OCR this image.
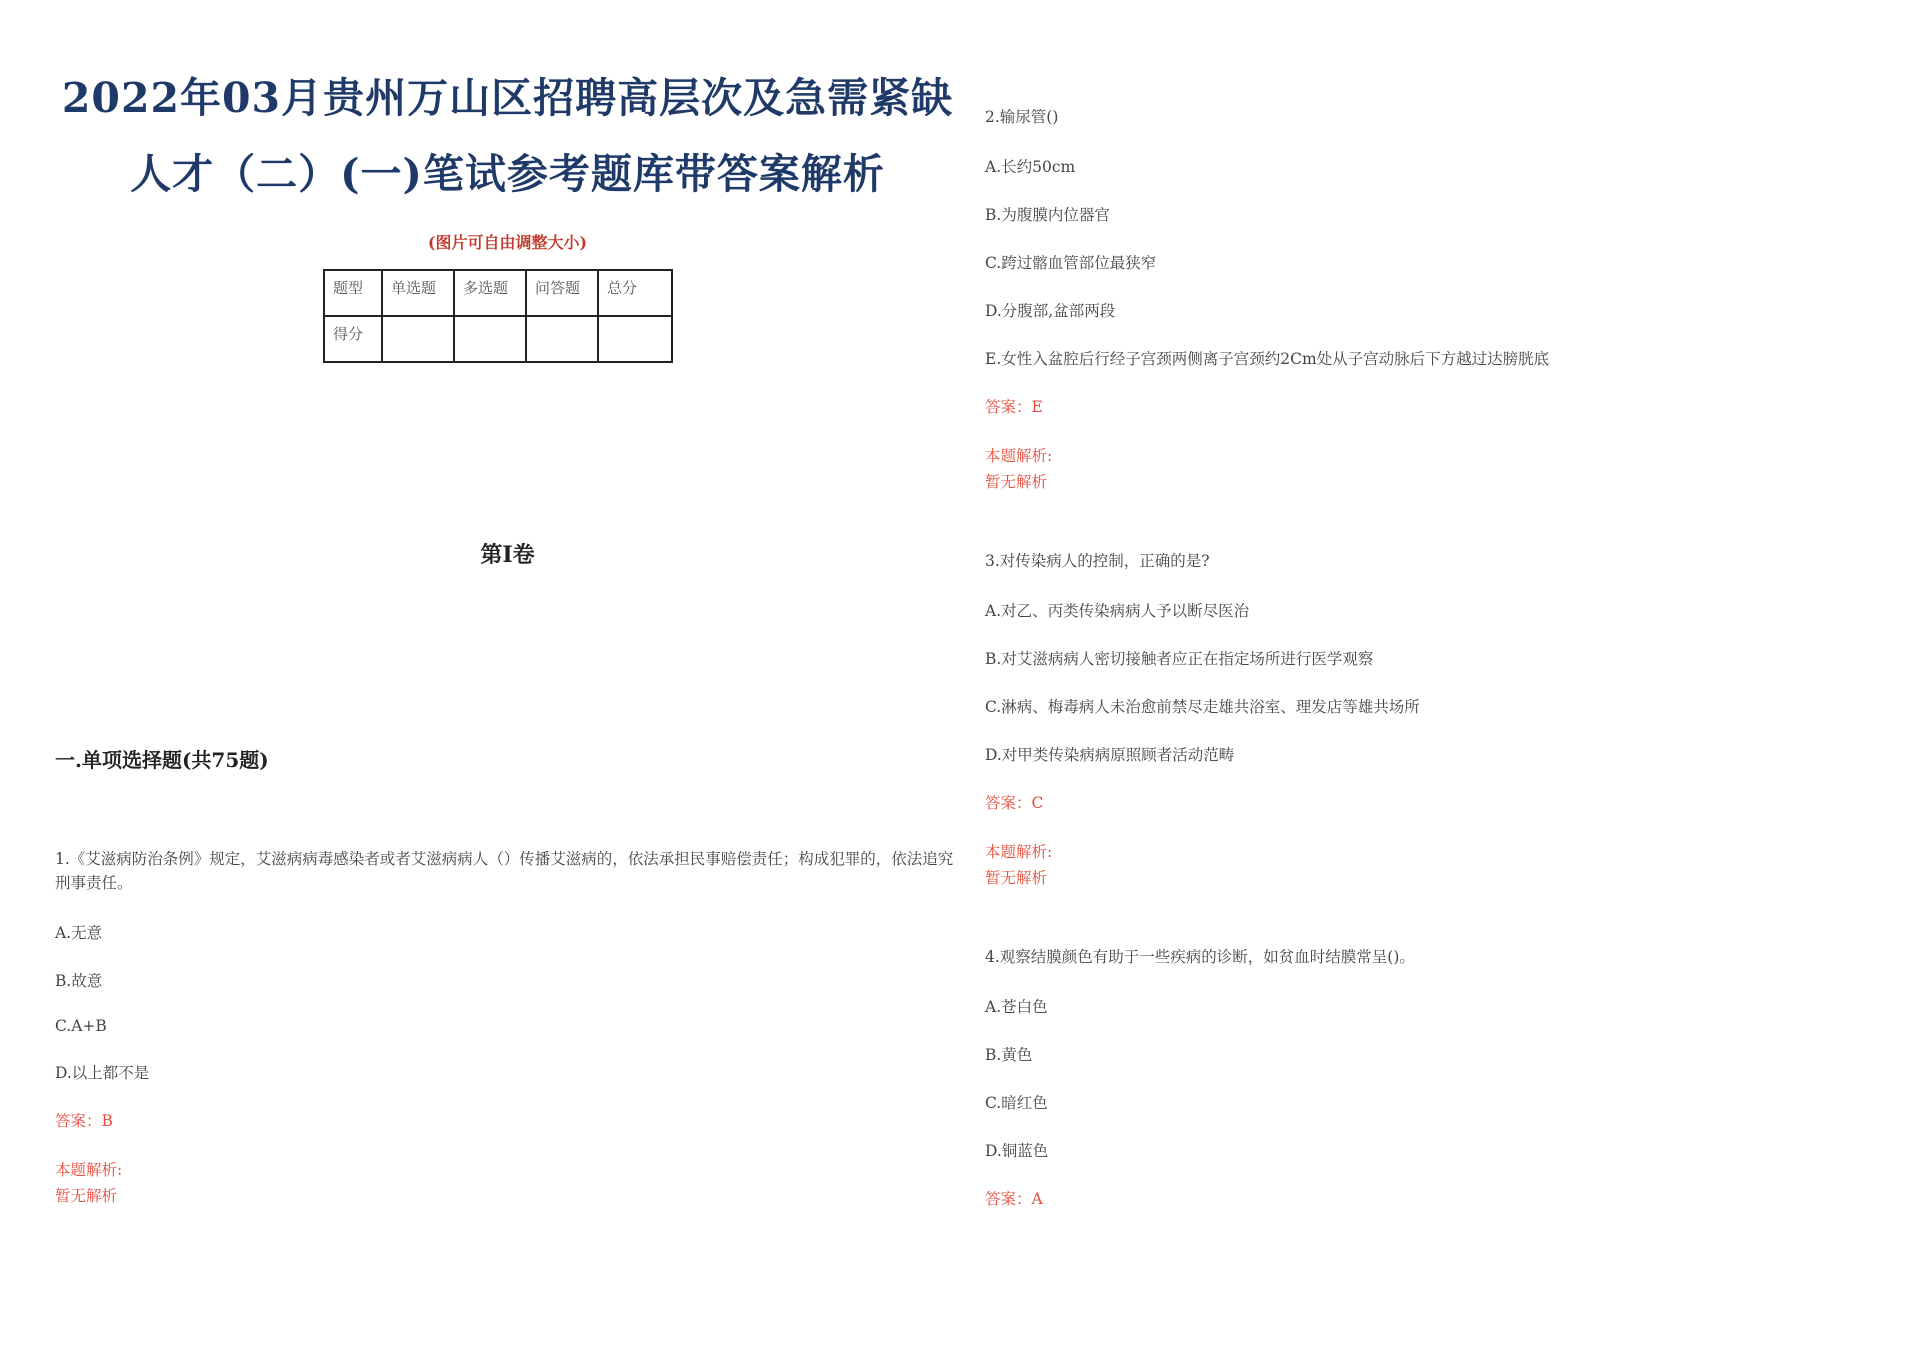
2022年03月贵州万山区招聘高层次及急需紧缺
人才（二）(一)笔试参考题库带答案解析
(图片可自由调整大小)
题型	单选题	多选题	问答题	总分
得分				
第I卷
一.单项选择题(共75题)
1.《艾滋病防治条例》规定，艾滋病病毒感染者或者艾滋病病人（）传播艾滋病的，依法承担民事赔偿责任；构成犯罪的，依法追究刑事责任。
A.无意
B.故意
C.A+B
D.以上都不是
答案：B
本题解析:
暂无解析
2.输尿管()
A.长约50cm
B.为腹膜内位器官
C.跨过髂血管部位最狭窄
D.分腹部,盆部两段
E.女性入盆腔后行经子宫颈两侧离子宫颈约2Cm处从子宫动脉后下方越过达膀胱底
答案：E
本题解析:
暂无解析
3.对传染病人的控制，正确的是?
A.对乙、丙类传染病病人予以断尽医治
B.对艾滋病病人密切接触者应正在指定场所进行医学观察
C.淋病、梅毒病人未治愈前禁尽走雄共浴室、理发店等雄共场所
D.对甲类传染病病原照顾者活动范畴
答案：C
本题解析:
暂无解析
4.观察结膜颜色有助于一些疾病的诊断，如贫血时结膜常呈()。
A.苍白色
B.黄色
C.暗红色
D.铜蓝色
答案：A
